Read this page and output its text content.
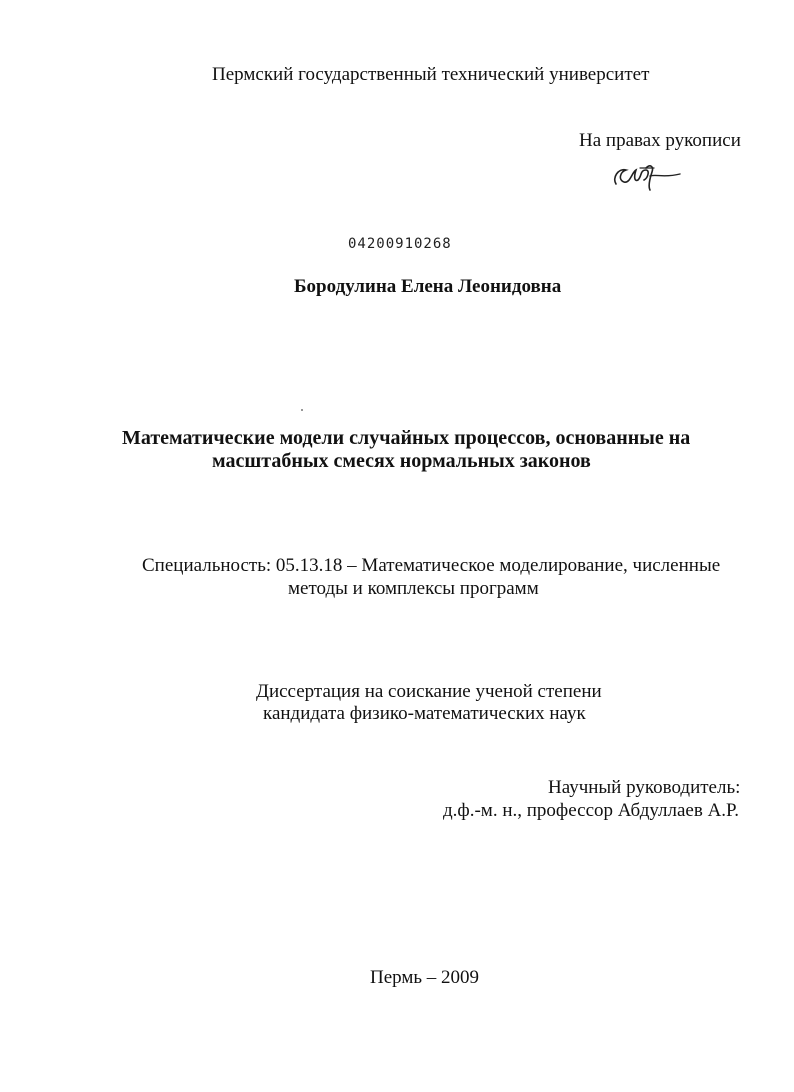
Пермский государственный технический университет
На правах рукописи
04200910268
Бородулина Елена Леонидовна
Математические модели случайных процессов, основанные на
масштабных смесях нормальных законов
Специальность: 05.13.18 – Математическое моделирование, численные
методы и комплексы программ
Диссертация на соискание ученой степени
кандидата физико-математических наук
Научный руководитель:
д.ф.-м. н., профессор Абдуллаев А.Р.
Пермь – 2009
